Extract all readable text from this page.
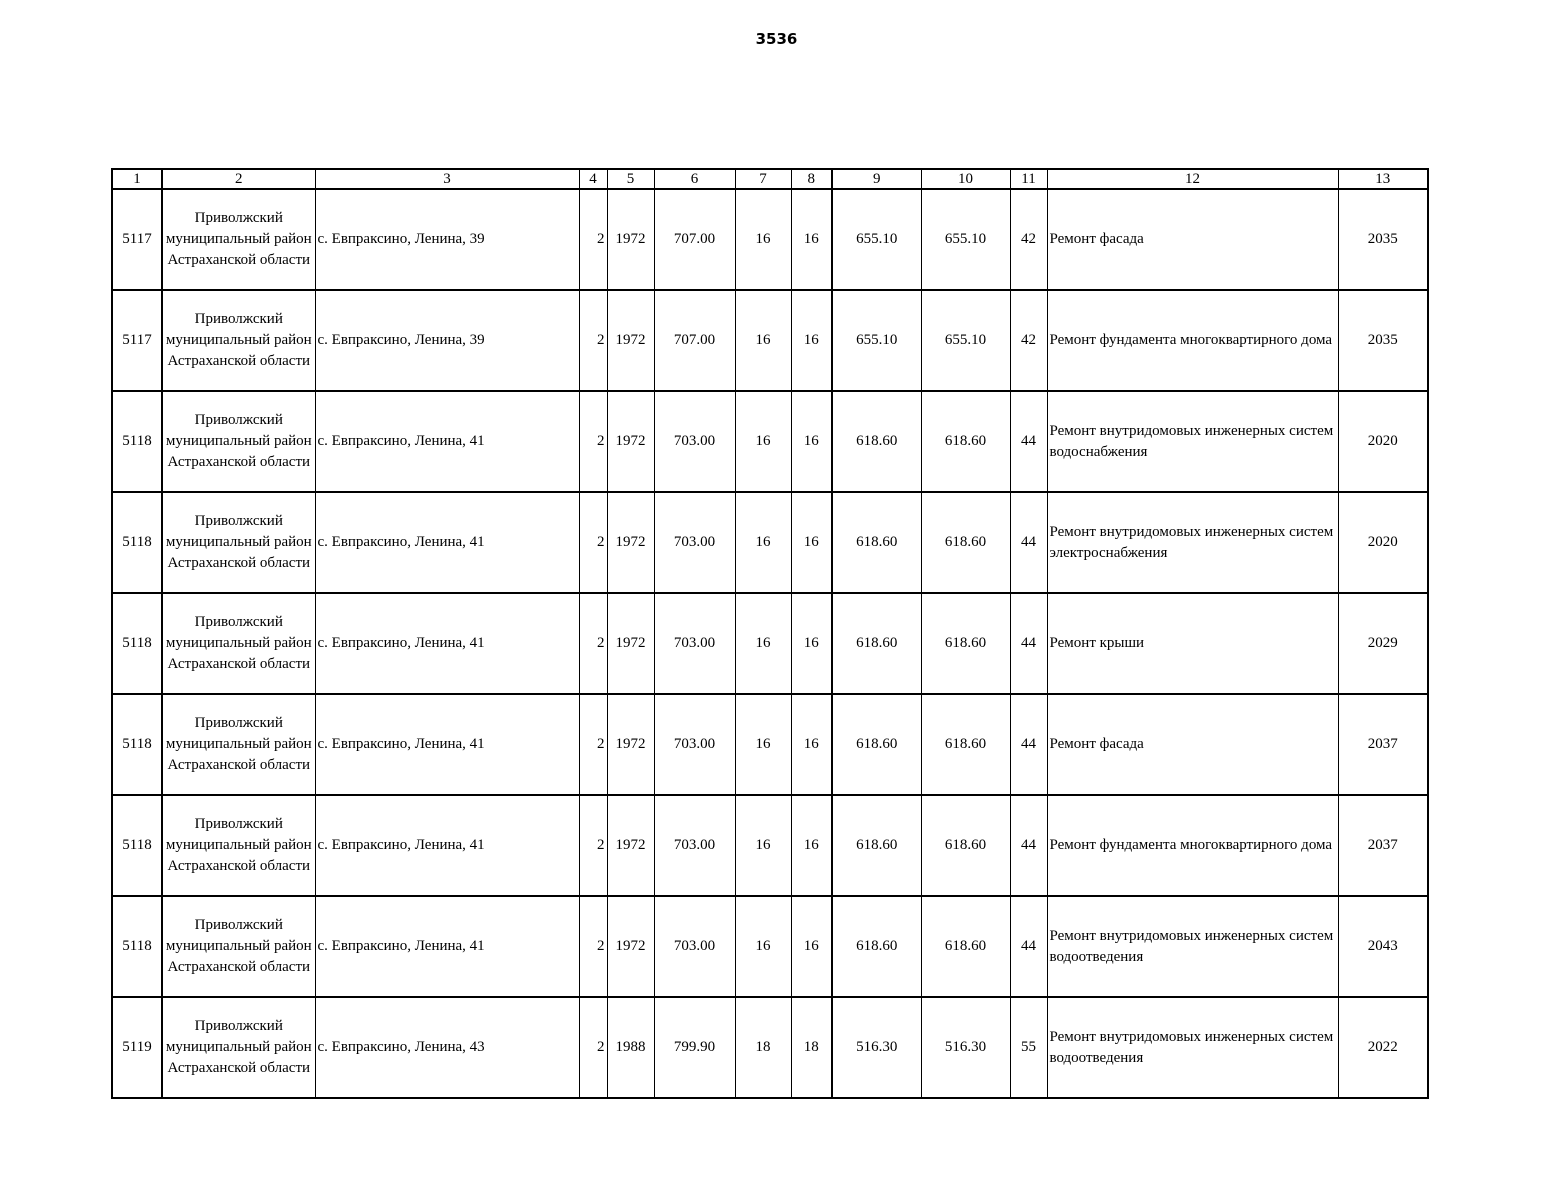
3536
1	2	3	4	5	6	7	8	9	10	11	12	13
5117	Приволжский муниципальный район Астраханской области	с. Евпраксино, Ленина, 39	2	1972	707.00	16	16	655.10	655.10	42	Ремонт фасада	2035
5117	Приволжский муниципальный район Астраханской области	с. Евпраксино, Ленина, 39	2	1972	707.00	16	16	655.10	655.10	42	Ремонт фундамента многоквартирного дома	2035
5118	Приволжский муниципальный район Астраханской области	с. Евпраксино, Ленина, 41	2	1972	703.00	16	16	618.60	618.60	44	Ремонт внутридомовых инженерных систем водоснабжения	2020
5118	Приволжский муниципальный район Астраханской области	с. Евпраксино, Ленина, 41	2	1972	703.00	16	16	618.60	618.60	44	Ремонт внутридомовых инженерных систем электроснабжения	2020
5118	Приволжский муниципальный район Астраханской области	с. Евпраксино, Ленина, 41	2	1972	703.00	16	16	618.60	618.60	44	Ремонт крыши	2029
5118	Приволжский муниципальный район Астраханской области	с. Евпраксино, Ленина, 41	2	1972	703.00	16	16	618.60	618.60	44	Ремонт фасада	2037
5118	Приволжский муниципальный район Астраханской области	с. Евпраксино, Ленина, 41	2	1972	703.00	16	16	618.60	618.60	44	Ремонт фундамента многоквартирного дома	2037
5118	Приволжский муниципальный район Астраханской области	с. Евпраксино, Ленина, 41	2	1972	703.00	16	16	618.60	618.60	44	Ремонт внутридомовых инженерных систем водоотведения	2043
5119	Приволжский муниципальный район Астраханской области	с. Евпраксино, Ленина, 43	2	1988	799.90	18	18	516.30	516.30	55	Ремонт внутридомовых инженерных систем водоотведения	2022
